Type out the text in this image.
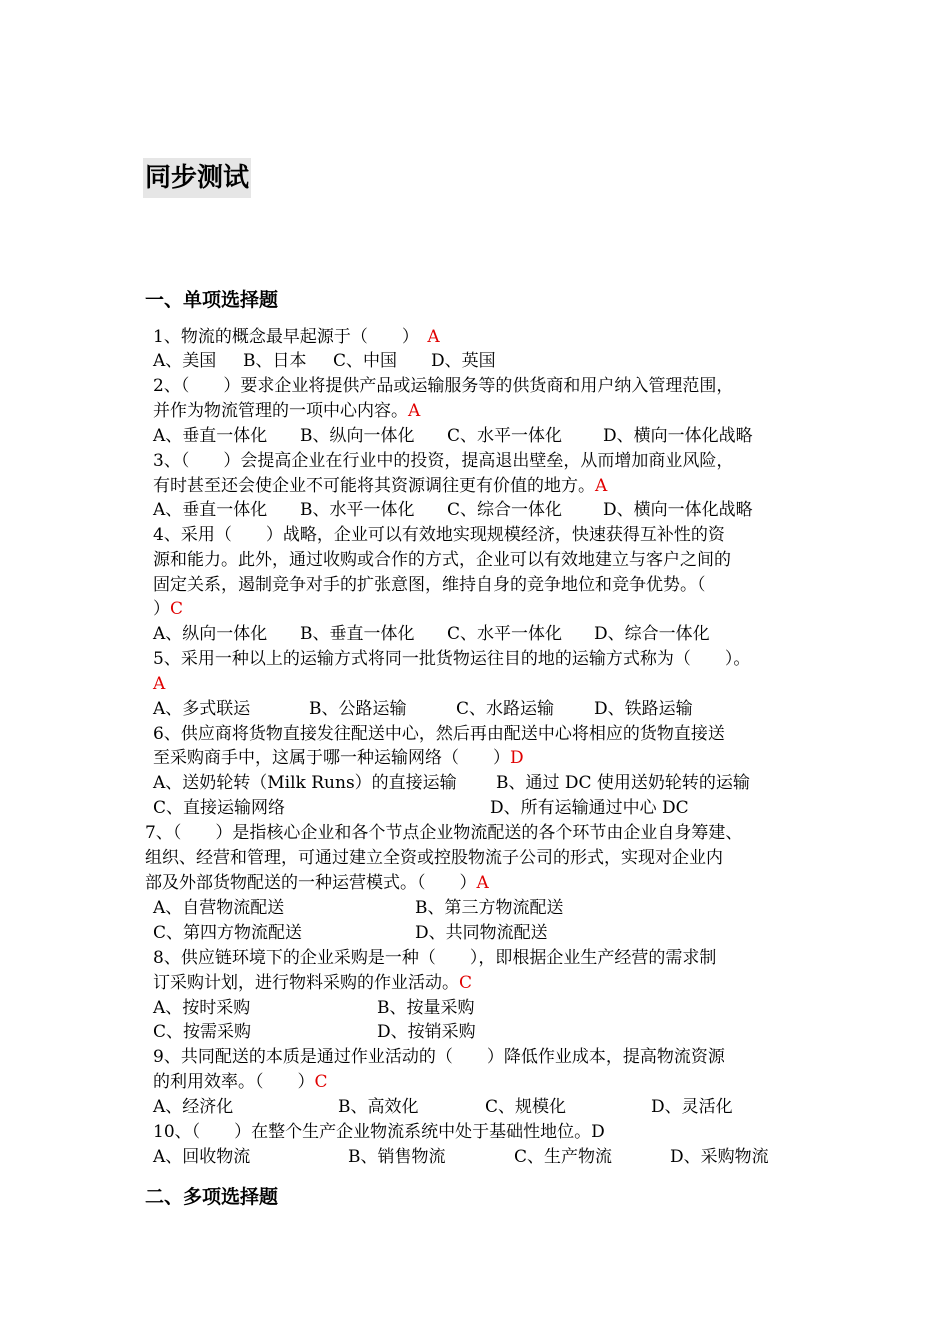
同步测试
一、单项选择题
1、物流的概念最早起源于（　　）　 A
A、美国 B、日本 C、中国 D、英国
2、（　　）要求企业将提供产品或运输服务等的供货商和用户纳入管理范围，
并作为物流管理的一项中心内容。A
A、垂直一体化 B、纵向一体化 C、水平一体化 D、横向一体化战略
3、（　　）会提高企业在行业中的投资，提高退出壁垒，从而增加商业风险，
有时甚至还会使企业不可能将其资源调往更有价值的地方。A
A、垂直一体化 B、水平一体化 C、综合一体化 D、横向一体化战略
4、采用（　　）战略，企业可以有效地实现规模经济，快速获得互补性的资
源和能力。此外，通过收购或合作的方式，企业可以有效地建立与客户之间的
固定关系，遏制竞争对手的扩张意图，维持自身的竞争地位和竞争优势。（
）C
A、纵向一体化 B、垂直一体化 C、水平一体化 D、综合一体化
5、采用一种以上的运输方式将同一批货物运往目的地的运输方式称为（　　）。
A
A、多式联运	B、公路运输	C、水路运输 D、铁路运输
6、供应商将货物直接发往配送中心，然后再由配送中心将相应的货物直接送
至采购商手中，这属于哪一种运输网络（　　）D
A、送奶轮转（Milk Runs）的直接运输 B、通过 DC 使用送奶轮转的运输
C、直接运输网络	D、所有运输通过中心 DC
7、（　　）是指核心企业和各个节点企业物流配送的各个环节由企业自身筹建、
组织、经营和管理，可通过建立全资或控股物流子公司的形式，实现对企业内
部及外部货物配送的一种运营模式。（　　）A
A、自营物流配送	B、第三方物流配送
C、第四方物流配送	D、共同物流配送
8、供应链环境下的企业采购是一种（　　），即根据企业生产经营的需求制
订采购计划，进行物料采购的作业活动。C
A、按时采购	B、按量采购
C、按需采购	D、按销采购
9、共同配送的本质是通过作业活动的（　　）降低作业成本，提高物流资源
的利用效率。（　　）C
A、经济化	B、高效化	C、规模化	D、灵活化
10、（　　）在整个生产企业物流系统中处于基础性地位。D
A、回收物流	B、销售物流	C、生产物流	D、采购物流
二、多项选择题
